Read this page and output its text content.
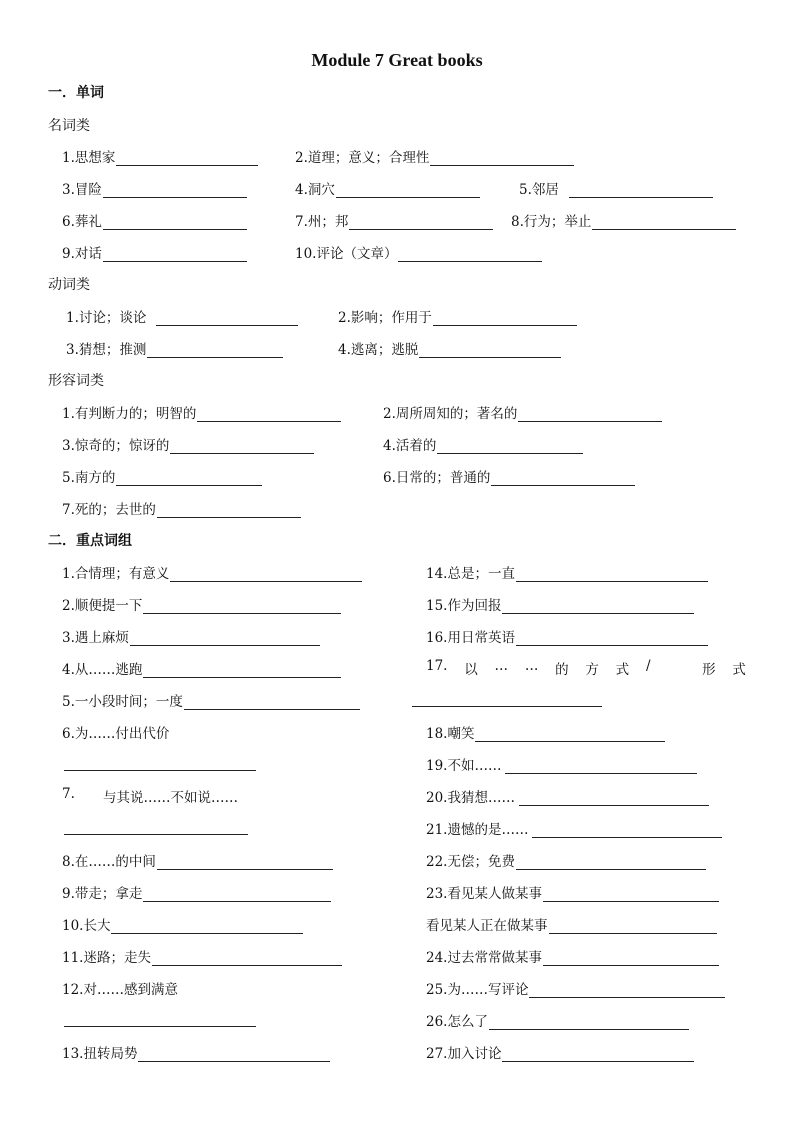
Module 7 Great books
一．单词
名词类
1.思想家	2.道理；意义；合理性
3.冒险	4.洞穴	5.邻居
6.葬礼	7.州；邦	8.行为；举止
9.对话	10.评论（文章）
动词类
1.讨论；谈论	2.影响；作用于
3.猜想；推测	4.逃离；逃脱
形容词类
1.有判断力的；明智的	2.周所周知的；著名的
3.惊奇的；惊讶的	4.活着的
5.南方的	6.日常的；普通的
7.死的；去世的
二．重点词组
1.合情理；有意义
2.顺便提一下
3.遇上麻烦
4.从……逃跑
5.一小段时间；一度
6.为……付出代价
7. 与其说……不如说……
8.在……的中间
9.带走；拿走
10.长大
11.迷路；走失
12.对……感到满意
13.扭转局势
14.总是；一直
15.作为回报
16.用日常英语
17. 以 … … 的 方 式 /	形 式
18.嘲笑
19.不如……
20.我猜想……
21.遗憾的是……
22.无偿；免费
23.看见某人做某事
看见某人正在做某事
24.过去常常做某事
25.为……写评论
26.怎么了
27.加入讨论
